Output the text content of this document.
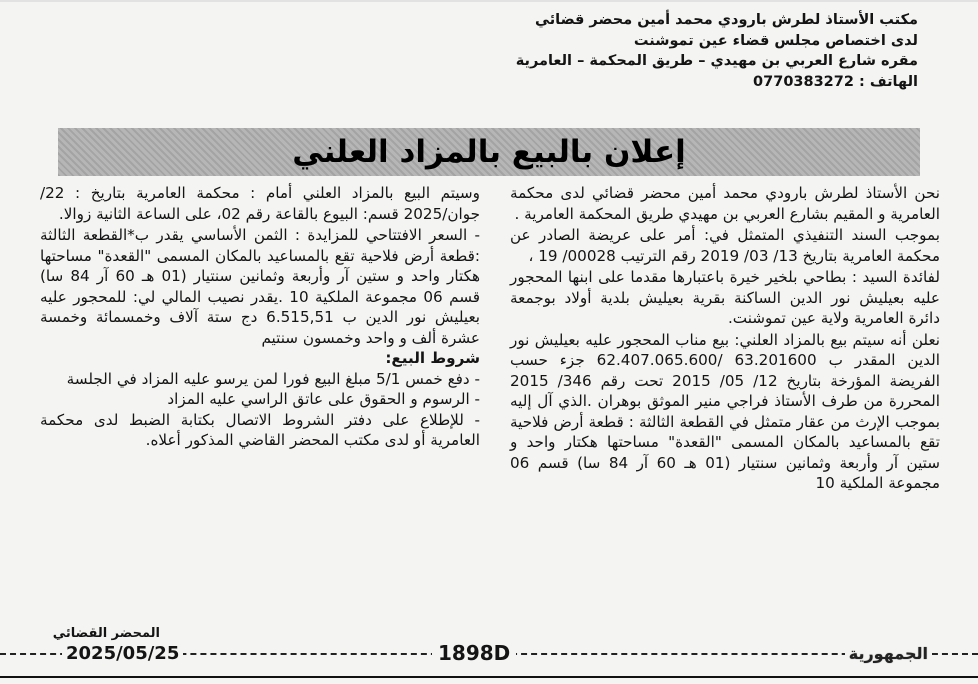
مكتب الأستاذ لطرش بارودي محمد أمين محضر قضائي
لدى اختصاص مجلس قضاء عين تموشنت
مقره شارع العربي بن مهيدي – طريق المحكمة – العامرية
الهاتف : 0770383272
إعلان بالبيع بالمزاد العلني

نحن الأستاذ لطرش بارودي محمد أمين محضر قضائي لدى محكمة العامرية و المقيم بشارع العربي بن مهيدي طريق المحكمة العامرية .

بموجب السند التنفيذي المتمثل في: أمر على عريضة الصادر عن محكمة العامرية بتاريخ 13/ 03/ 2019 رقم الترتيب 00028/ 19 ،

لفائدة السيد : بطاحي بلخير خيرة باعتبارها مقدما على ابنها المحجور عليه بعيليش نور الدين الساكنة بقرية بعيليش بلدية أولاد بوجمعة دائرة العامرية ولاية عين تموشنت.

نعلن أنه سيتم بيع بالمزاد العلني: بيع مناب المحجور عليه بعيليش نور الدين المقدر ب 63.201600 /62.407.065.600 جزء حسب الفريضة المؤرخة بتاريخ 12/ 05/ 2015 تحت رقم 346/ 2015 المحررة من طرف الأستاذ فراجي منير الموثق بوهران .الذي آل إليه بموجب الإرث من عقار متمثل في القطعة الثالثة : قطعة أرض فلاحية تقع بالمساعيد بالمكان المسمى "القعدة" مساحتها هكتار واحد و ستين آر وأربعة وثمانين سنتيار (01 هـ 60 آر 84 سا) قسم 06 مجموعة الملكية 10

وسيتم البيع بالمزاد العلني أمام : محكمة العامرية بتاريخ : 22/جوان/2025 قسم: البيوع بالقاعة رقم 02، على الساعة الثانية زوالا.

- السعر الافتتاحي للمزايدة : الثمن الأساسي يقدر ب*القطعة الثالثة :قطعة أرض فلاحية تقع بالمساعيد بالمكان المسمى "القعدة" مساحتها هكتار واحد و ستين آر وأربعة وثمانين سنتيار (01 هـ 60 آر 84 سا) قسم 06 مجموعة الملكية 10 .يقدر نصيب المالي لي: للمحجور عليه بعيليش نور الدين ب 6.515,51 دج ستة آلاف وخمسمائة وخمسة عشرة ألف و واحد وخمسون سنتيم

شروط البيع:

- دفع خمس 5/1 مبلغ البيع فورا لمن يرسو عليه المزاد في الجلسة

- الرسوم و الحقوق على عاتق الراسي عليه المزاد

- للإطلاع على دفتر الشروط الاتصال بكتابة الضبط لدى محكمة العامرية أو لدى مكتب المحضر القاضي المذكور أعلاه.

المحضر القضائي
2025/05/25	1898D	الجمهورية
